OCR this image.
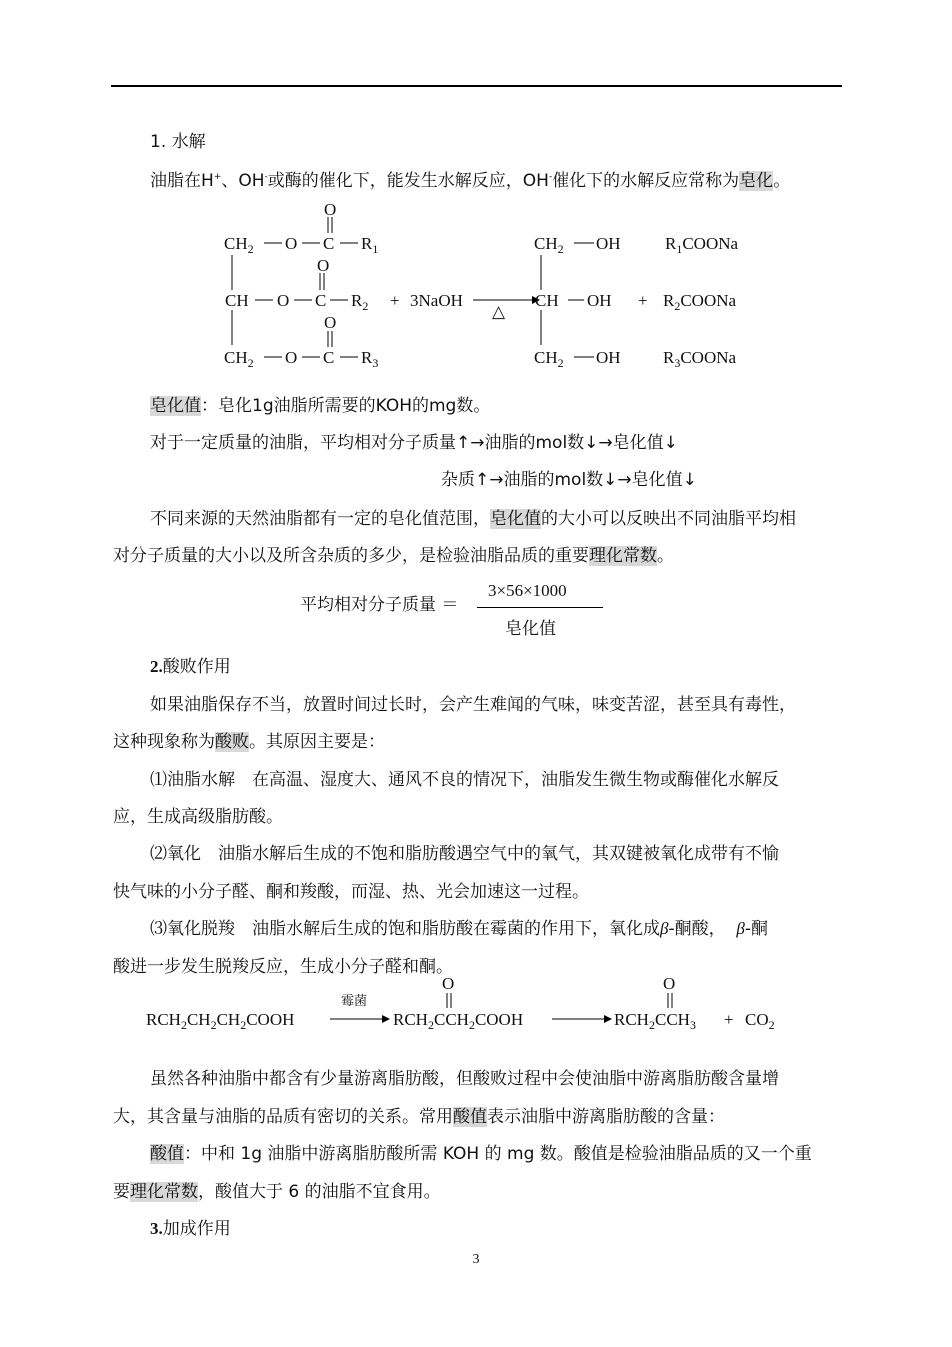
1. 水解
油脂在H+、OH-或酶的催化下，能发生水解反应，OH-催化下的水解反应常称为皂化。
O
$CH_2$ O C $R_1$
O
CH O C $R_2$ + 3NaOH
△
O
$CH_2$ O C $R_3$
$CH_2$ OH
CH OH
$CH_2$ OH
+
$R_1COONa$
$R_2COONa$
$R_3COONa$
皂化值：皂化1g油脂所需要的KOH的mg数。
对于一定质量的油脂，平均相对分子质量↑→油脂的mol数↓→皂化值↓
杂质↑→油脂的mol数↓→皂化值↓
不同来源的天然油脂都有一定的皂化值范围，皂化值的大小可以反映出不同油脂平均相
对分子质量的大小以及所含杂质的多少，是检验油脂品质的重要理化常数。
平均相对分子质量 ＝
3×56×1000
皂化值
2.酸败作用
如果油脂保存不当，放置时间过长时，会产生难闻的气味，味变苦涩，甚至具有毒性，
这种现象称为酸败。其原因主要是：
⑴油脂水解　在高温、湿度大、通风不良的情况下，油脂发生微生物或酶催化水解反
应，生成高级脂肪酸。
⑵氧化　油脂水解后生成的不饱和脂肪酸遇空气中的氧气，其双键被氧化成带有不愉
快气味的小分子醛、酮和羧酸，而湿、热、光会加速这一过程。
⑶氧化脱羧　油脂水解后生成的饱和脂肪酸在霉菌的作用下，氧化成β-酮酸， β-酮
酸进一步发生脱羧反应，生成小分子醛和酮。
O	O
霉菌
$RCH_2CH_2CH_2COOH$	$RCH_2CCH_2COOH$	$RCH_2CCH_3 + CO_2$
虽然各种油脂中都含有少量游离脂肪酸，但酸败过程中会使油脂中游离脂肪酸含量增
大，其含量与油脂的品质有密切的关系。常用酸值表示油脂中游离脂肪酸的含量：
酸值：中和 1g 油脂中游离脂肪酸所需 KOH 的 mg 数。酸值是检验油脂品质的又一个重
要理化常数，酸值大于 6 的油脂不宜食用。
3.加成作用
3
